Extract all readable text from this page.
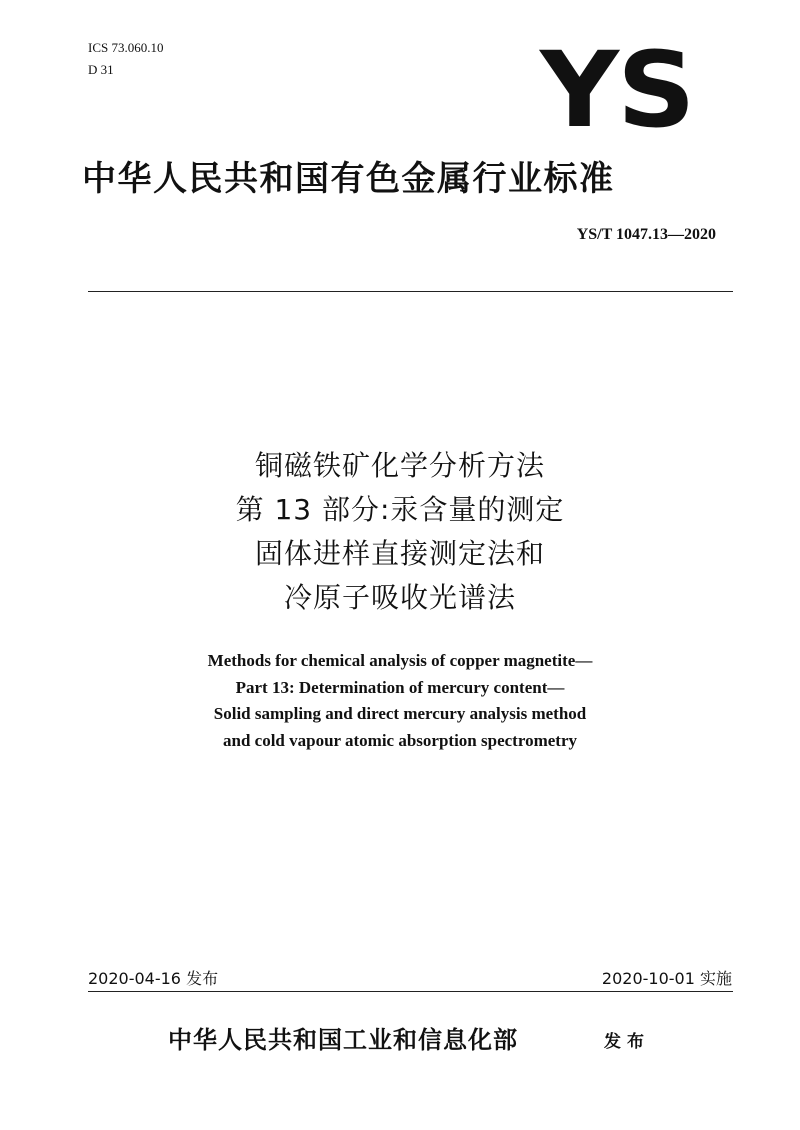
ICS 73.060.10
D 31	YS
中华人民共和国有色金属行业标准
YS/T 1047.13—2020
铜磁铁矿化学分析方法
第 13 部分:汞含量的测定
固体进样直接测定法和
冷原子吸收光谱法
Methods for chemical analysis of copper magnetite—
Part 13: Determination of mercury content—
Solid sampling and direct mercury analysis method
and cold vapour atomic absorption spectrometry
2020-04-16 发布	2020-10-01 实施
中华人民共和国工业和信息化部	发布
